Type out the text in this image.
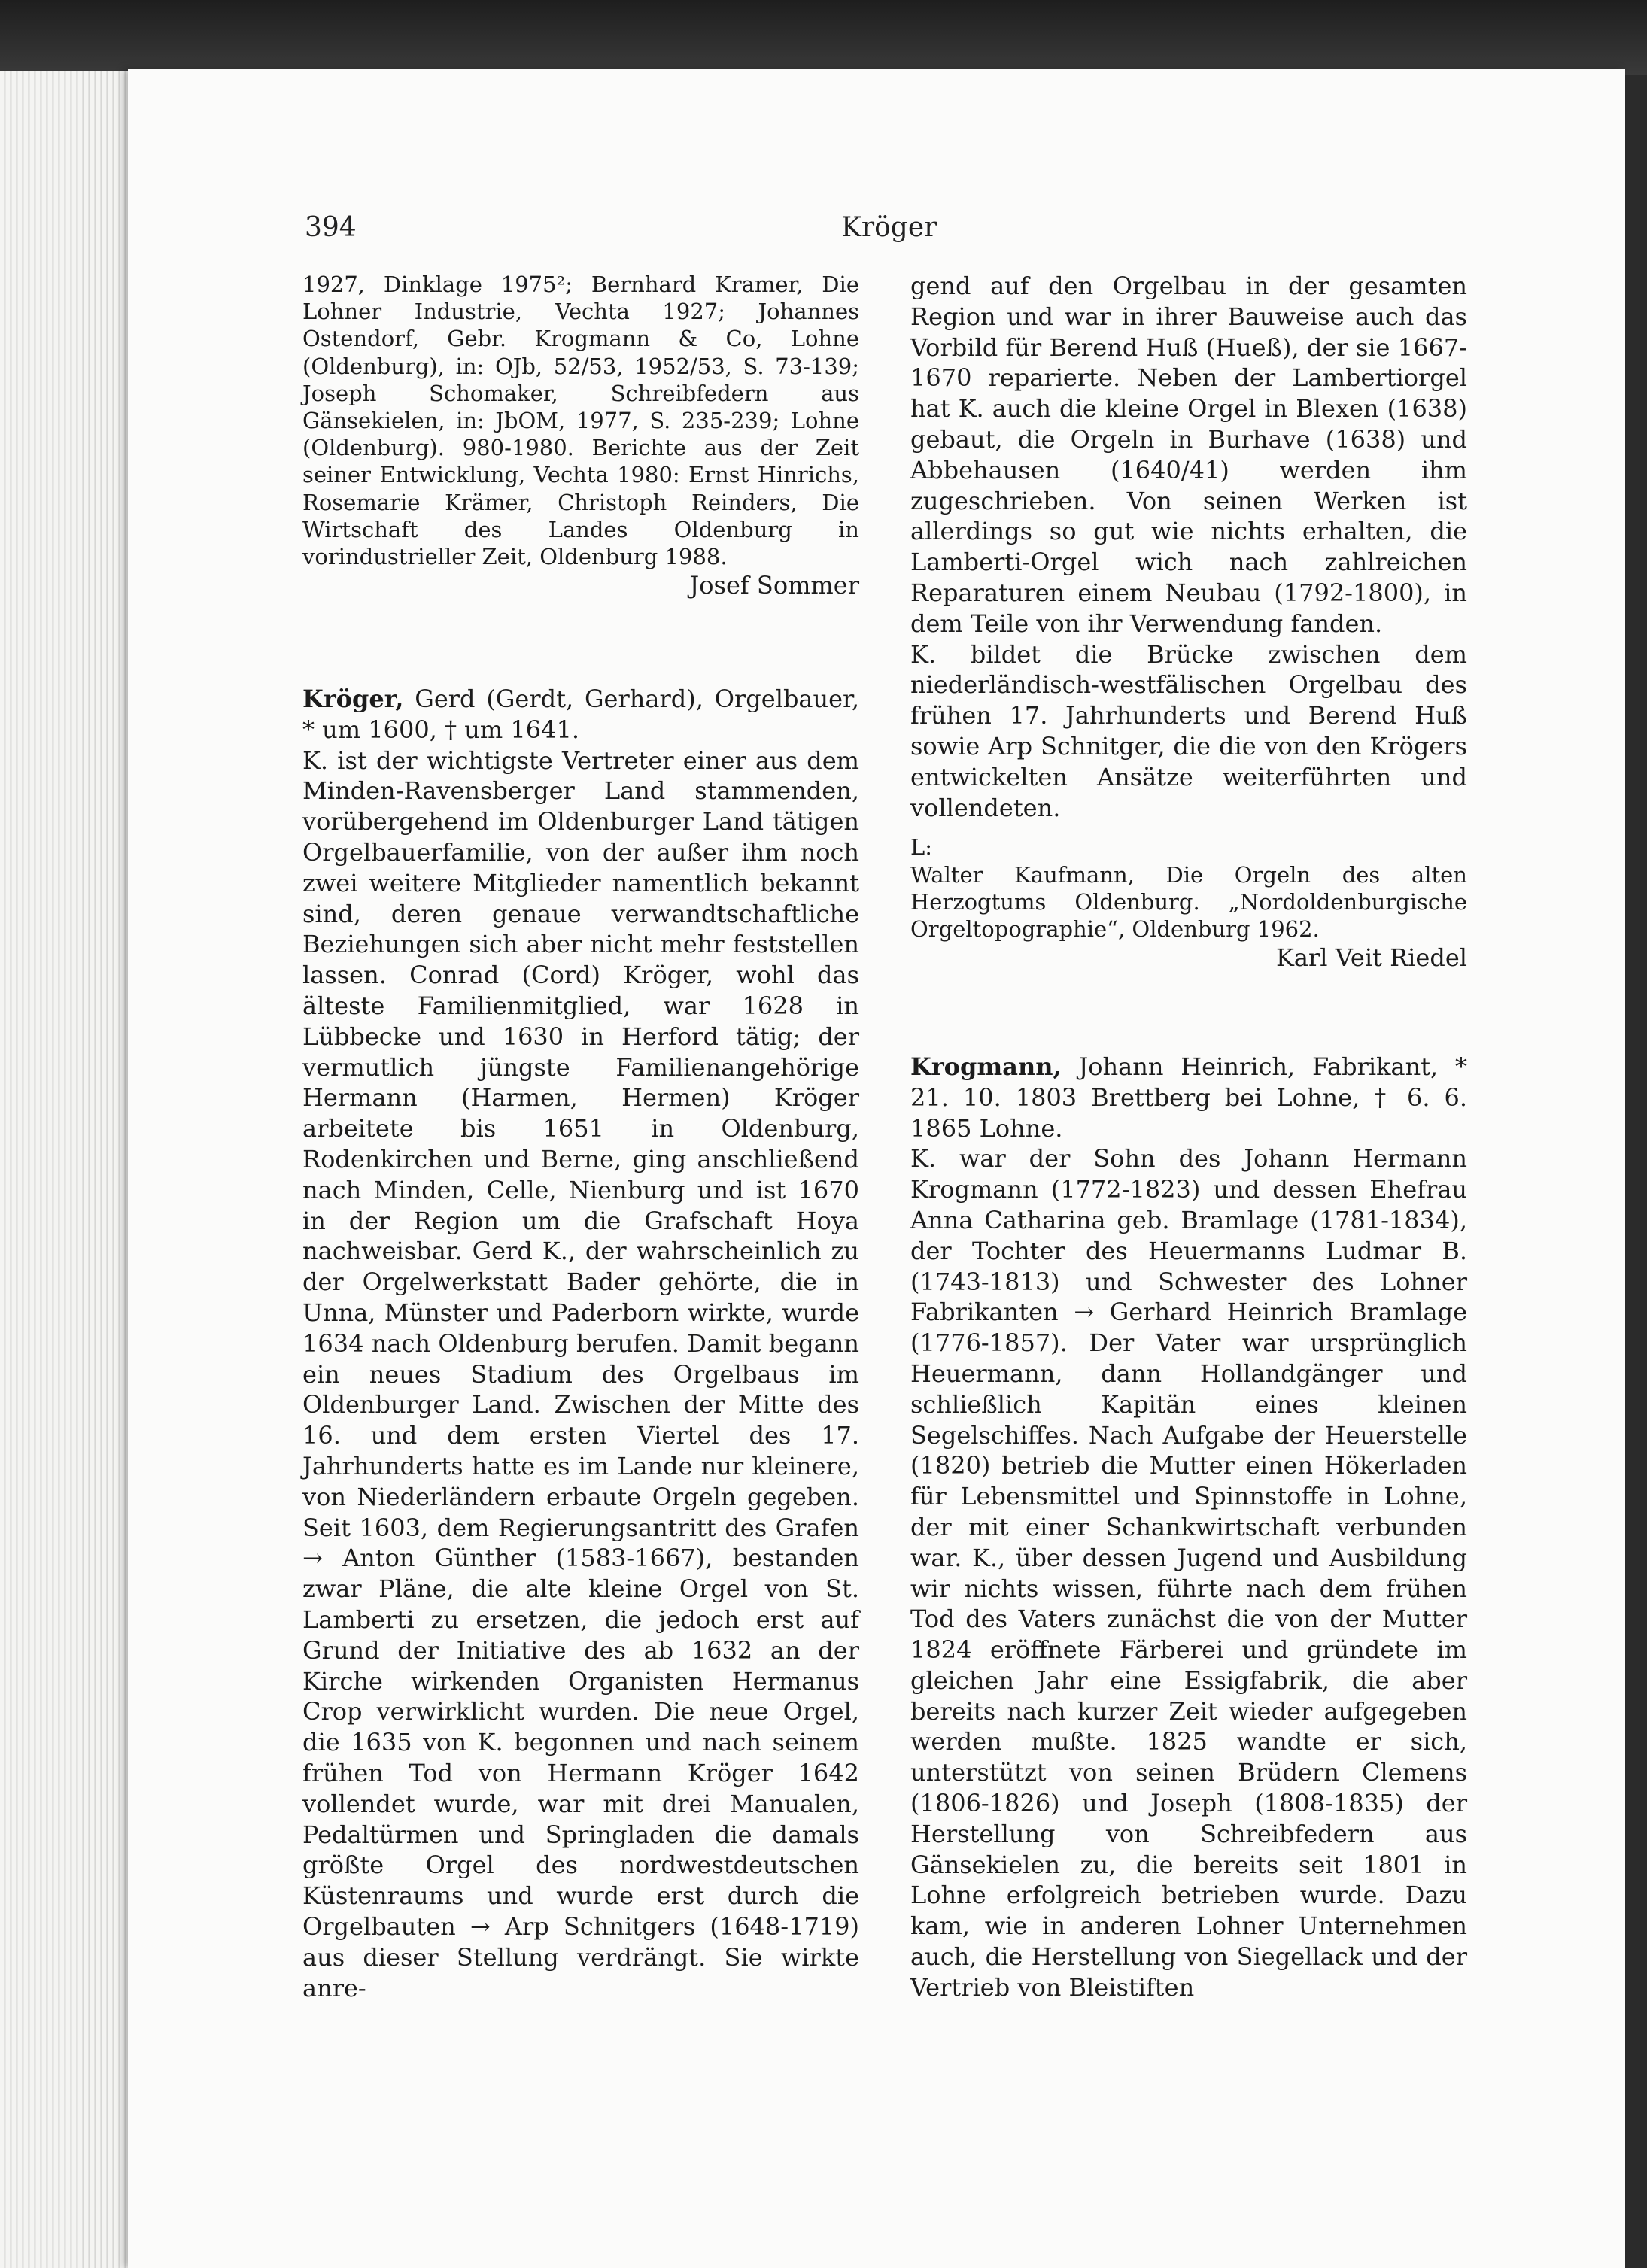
394	Kröger

1927, Dinklage 1975²; Bernhard Kramer, Die Lohner Industrie, Vechta 1927; Johannes Ostendorf, Gebr. Krogmann & Co, Lohne (Oldenburg), in: OJb, 52/53, 1952/53, S. 73-139; Joseph Schomaker, Schreibfedern aus Gänsekielen, in: JbOM, 1977, S. 235-239; Lohne (Oldenburg). 980-1980. Berichte aus der Zeit seiner Entwicklung, Vechta 1980: Ernst Hinrichs, Rosemarie Krämer, Christoph Reinders, Die Wirtschaft des Landes Oldenburg in vorindustrieller Zeit, Oldenburg 1988.

Josef Sommer

Kröger, Gerd (Gerdt, Gerhard), Orgelbauer, * um 1600, † um 1641.

K. ist der wichtigste Vertreter einer aus dem Minden-Ravensberger Land stammenden, vorübergehend im Oldenburger Land tätigen Orgelbauerfamilie, von der außer ihm noch zwei weitere Mitglieder namentlich bekannt sind, deren genaue verwandtschaftliche Beziehungen sich aber nicht mehr feststellen lassen. Conrad (Cord) Kröger, wohl das älteste Familienmitglied, war 1628 in Lübbecke und 1630 in Herford tätig; der vermutlich jüngste Familienangehörige Hermann (Harmen, Hermen) Kröger arbeitete bis 1651 in Oldenburg, Rodenkirchen und Berne, ging anschließend nach Minden, Celle, Nienburg und ist 1670 in der Region um die Grafschaft Hoya nachweisbar. Gerd K., der wahrscheinlich zu der Orgelwerkstatt Bader gehörte, die in Unna, Münster und Paderborn wirkte, wurde 1634 nach Oldenburg berufen. Damit begann ein neues Stadium des Orgelbaus im Oldenburger Land. Zwischen der Mitte des 16. und dem ersten Viertel des 17. Jahrhunderts hatte es im Lande nur kleinere, von Niederländern erbaute Orgeln gegeben. Seit 1603, dem Regierungsantritt des Grafen → Anton Günther (1583-1667), bestanden zwar Pläne, die alte kleine Orgel von St. Lamberti zu ersetzen, die jedoch erst auf Grund der Initiative des ab 1632 an der Kirche wirkenden Organisten Hermanus Crop verwirklicht wurden. Die neue Orgel, die 1635 von K. begonnen und nach seinem frühen Tod von Hermann Kröger 1642 vollendet wurde, war mit drei Manualen, Pedaltürmen und Springladen die damals größte Orgel des nordwestdeutschen Küstenraums und wurde erst durch die Orgelbauten → Arp Schnitgers (1648-1719) aus dieser Stellung verdrängt. Sie wirkte anre-

gend auf den Orgelbau in der gesamten Region und war in ihrer Bauweise auch das Vorbild für Berend Huß (Hueß), der sie 1667-1670 reparierte. Neben der Lambertiorgel hat K. auch die kleine Orgel in Blexen (1638) gebaut, die Orgeln in Burhave (1638) und Abbehausen (1640/41) werden ihm zugeschrieben. Von seinen Werken ist allerdings so gut wie nichts erhalten, die Lamberti-Orgel wich nach zahlreichen Reparaturen einem Neubau (1792-1800), in dem Teile von ihr Verwendung fanden.

K. bildet die Brücke zwischen dem niederländisch-westfälischen Orgelbau des frühen 17. Jahrhunderts und Berend Huß sowie Arp Schnitger, die die von den Krögers entwickelten Ansätze weiterführten und vollendeten.

L:

Walter Kaufmann, Die Orgeln des alten Herzogtums Oldenburg. „Nordoldenburgische Orgeltopographie“, Oldenburg 1962.

Karl Veit Riedel

Krogmann, Johann Heinrich, Fabrikant, * 21. 10. 1803 Brettberg bei Lohne, † 6. 6. 1865 Lohne.

K. war der Sohn des Johann Hermann Krogmann (1772-1823) und dessen Ehefrau Anna Catharina geb. Bramlage (1781-1834), der Tochter des Heuermanns Ludmar B. (1743-1813) und Schwester des Lohner Fabrikanten → Gerhard Heinrich Bramlage (1776-1857). Der Vater war ursprünglich Heuermann, dann Hollandgänger und schließlich Kapitän eines kleinen Segelschiffes. Nach Aufgabe der Heuerstelle (1820) betrieb die Mutter einen Hökerladen für Lebensmittel und Spinnstoffe in Lohne, der mit einer Schankwirtschaft verbunden war. K., über dessen Jugend und Ausbildung wir nichts wissen, führte nach dem frühen Tod des Vaters zunächst die von der Mutter 1824 eröffnete Färberei und gründete im gleichen Jahr eine Essigfabrik, die aber bereits nach kurzer Zeit wieder aufgegeben werden mußte. 1825 wandte er sich, unterstützt von seinen Brüdern Clemens (1806-1826) und Joseph (1808-1835) der Herstellung von Schreibfedern aus Gänsekielen zu, die bereits seit 1801 in Lohne erfolgreich betrieben wurde. Dazu kam, wie in anderen Lohner Unternehmen auch, die Herstellung von Siegellack und der Vertrieb von Bleistiften
